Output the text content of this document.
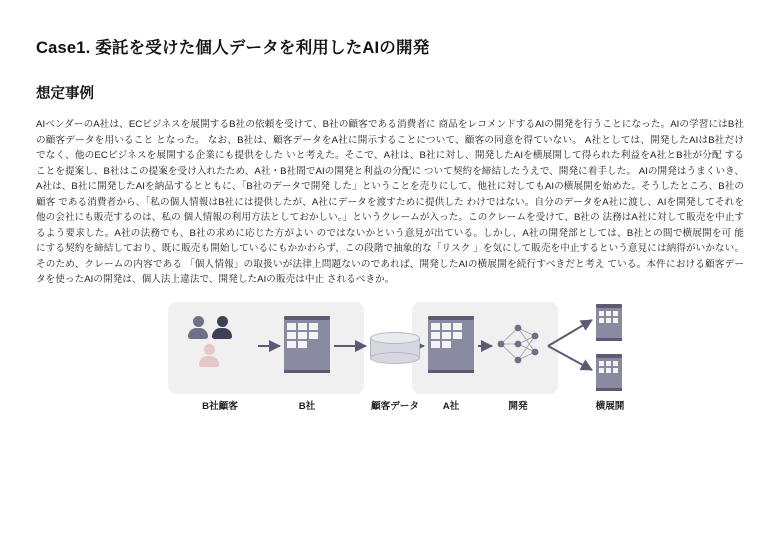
Case1. 委託を受けた個人データを利用したAIの開発
想定事例

AIベンダーのA社は、ECビジネスを展開するB社の依頼を受けて、B社の顧客である消費者に 商品をレコメンドするAIの開発を行うことになった。AIの学習にはB社の顧客データを用いること となった。 なお、B社は、顧客データをA社に開示することについて、顧客の同意を得ていない。 A社としては、開発したAIはB社だけでなく、他のECビジネスを展開する企業にも提供をした いと考えた。そこで、A社は、B社に対し、開発したAIを横展開して得られた利益をA社とB社が分配 することを提案し、B社はこの提案を受け入れたため、A社・B社間でAIの開発と利益の分配に ついて契約を締結したうえで、開発に着手した。 AIの開発はうまくいき、A社は、B社に開発したAIを納品するとともに、「B社のデータで開発 した」ということを売りにして、他社に対してもAIの横展開を始めた。そうしたところ、B社の顧客 である消費者から、「私の個人情報はB社には提供したが、A社にデータを渡すために提供した わけではない。自分のデータをA社に渡し、AIを開発してそれを他の会社にも販売するのは、私の 個人情報の利用方法としておかしい。」というクレームが入った。このクレームを受けて、B社の 法務はA社に対して販売を中止するよう要求した。A社の法務でも、B社の求めに応じた方がよい のではないかという意見が出ている。しかし、A社の開発部としては、B社との間で横展開を可 能 にする契約を締結しており、既に販売も開始しているにもかかわらず、この段階で抽象的な「リスク 」を気にして販売を中止するという意見には納得がいかない。そのため、クレームの内容である 「個人情報」の取扱いが法律上問題ないのであれば、開発したAIの横展開を続行すべきだと考え ている。本件における顧客データを使ったAIの開発は、個人法上違法で、開発したAIの販売は中止 されるべきか。

B社顧客	B社	顧客データ	A社	開発	横展開
